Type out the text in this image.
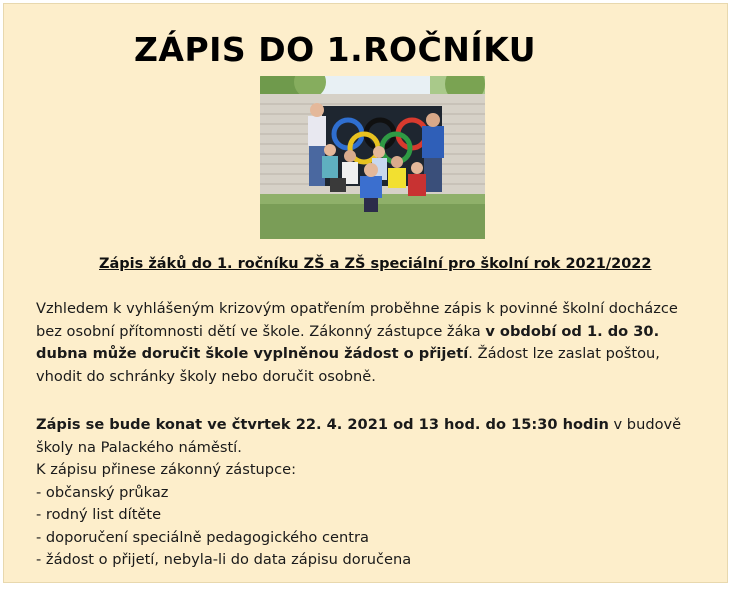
ZÁPIS DO 1.ROČNÍKU
Zápis žáků do 1. ročníku ZŠ a ZŠ speciální pro školní rok 2021/2022

Vzhledem k vyhlášeným krizovým opatřením proběhne zápis k povinné školní docházce bez osobní přítomnosti dětí ve škole. Zákonný zástupce žáka v období od 1. do 30. dubna může doručit škole vyplněnou žádost o přijetí. Žádost lze zaslat poštou, vhodit do schránky školy nebo doručit osobně.

Zápis se bude konat ve čtvrtek 22. 4. 2021 od 13 hod. do 15:30 hodin v budově školy na Palackého náměstí.
K zápisu přinese zákonný zástupce:
- občanský průkaz
- rodný list dítěte
- doporučení speciálně pedagogického centra
- žádost o přijetí, nebyla-li do data zápisu doručena
